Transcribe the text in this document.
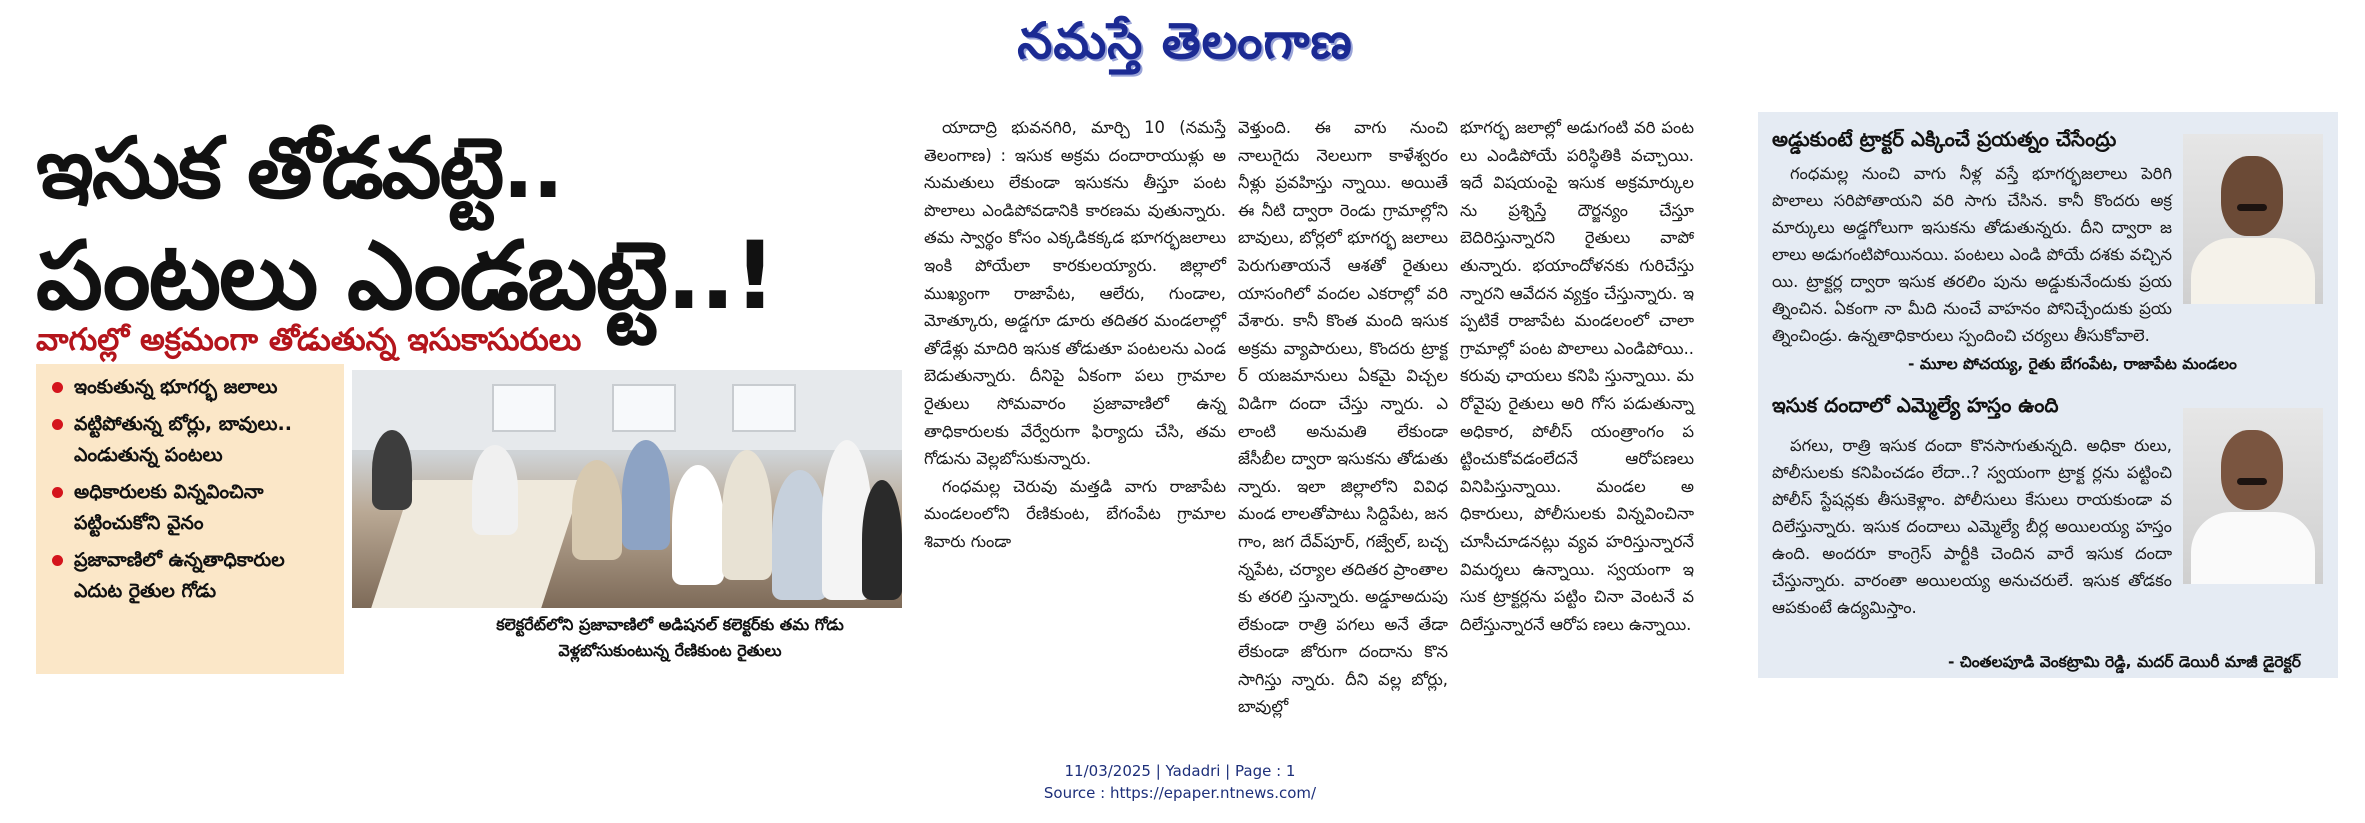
నమస్తే తెలంగాణ
ఇసుక తోడవట్టె..
పంటలు ఎండబట్టె..!
వాగుల్లో అక్రమంగా తోడుతున్న ఇసుకాసురులు
ఇంకుతున్న భూగర్భ జలాలు
వట్టిపోతున్న బోర్లు, బావులు.. ఎండుతున్న పంటలు
అధికారులకు విన్నవించినా పట్టించుకోని వైనం
ప్రజావాణిలో ఉన్నతాధికారుల ఎదుట రైతుల గోడు
కలెక్టరేట్‌లోని ప్రజావాణిలో అడిషనల్ కలెక్టర్‌కు తమ గోడు వెళ్లబోసుకుంటున్న రేణికుంట రైతులు

యాదాద్రి భువనగిరి, మార్చి 10 (నమస్తే తెలంగాణ) : ఇసుక అక్రమ దందారాయుళ్లు అనుమతులు లేకుండా ఇసుకను తీస్తూ పంట పొలాలు ఎండిపోవడానికి కారణమ వుతున్నారు. తమ స్వార్థం కోసం ఎక్కడికక్కడ భూగర్భజలాలు ఇంకి పోయేలా కారకులయ్యారు. జిల్లాలో ముఖ్యంగా రాజాపేట, ఆలేరు, గుండాల, మోత్కూరు, అడ్డగూ డూరు తదితర మండలాల్లో తోడేళ్లు మాదిరి ఇసుక తోడుతూ పంటలను ఎండబెడుతున్నారు. దీనిపై ఏకంగా పలు గ్రామాల రైతులు సోమవారం ప్రజావాణిలో ఉన్నతాధికారులకు వేర్వేరుగా ఫిర్యాదు చేసి, తమ గోడును వెల్లబోసుకున్నారు.

గంధమల్ల చెరువు మత్తడి వాగు రాజాపేట మండలంలోని రేణికుంట, బేగంపేట గ్రామాల శివారు గుండా

వెళ్తుంది. ఈ వాగు నుంచి నాలుగైదు నెలలుగా కాళేశ్వరం నీళ్లు ప్రవహిస్తు న్నాయి. అయితే ఈ నీటి ద్వారా రెండు గ్రామాల్లోని బావులు, బోర్లలో భూగర్భ జలాలు పెరుగుతాయనే ఆశతో రైతులు యాసంగిలో వందల ఎకరాల్లో వరి వేశారు. కానీ కొంత మంది ఇసుక అక్రమ వ్యాపారులు, కొందరు ట్రాక్టర్ యజమానులు ఏకమై విచ్చలవిడిగా దందా చేస్తు న్నారు. ఎలాంటి అనుమతి లేకుండా జేసీబీల ద్వారా ఇసుకను తోడుతు న్నారు. ఇలా జిల్లాలోని వివిధ మండ లాలతోపాటు సిద్దిపేట, జనగాం, జగ దేవ్‌పూర్, గజ్వేల్, బచ్చన్నపేట, చర్యాల తదితర ప్రాంతాలకు తరలి స్తున్నారు. అడ్డూఅదుపు లేకుండా రాత్రి పగలు అనే తేడా లేకుండా జోరుగా దందాను కొనసాగిస్తు న్నారు. దీని వల్ల బోర్లు, బావుల్లో

భూగర్భ జలాల్లో అడుగంటి వరి పంటలు ఎండిపోయే పరిస్థితికి వచ్చాయి. ఇదే విషయంపై ఇసుక అక్రమార్కులను ప్రశ్నిస్తే దౌర్జన్యం చేస్తూ బెదిరిస్తున్నారని రైతులు వాపో తున్నారు. భయాందోళనకు గురిచేస్తు న్నారని ఆవేదన వ్యక్తం చేస్తున్నారు. ఇప్పటికే రాజాపేట మండలంలో చాలా గ్రామాల్లో పంట పొలాలు ఎండిపోయి.. కరువు ఛాయలు కనిపి స్తున్నాయి. మరోవైపు రైతులు అరి గోస పడుతున్నా అధికార, పోలీస్ యంత్రాంగం పట్టించుకోవడంలేదనే ఆరోపణలు వినిపిస్తున్నాయి. మండల అధికారులు, పోలీసులకు విన్నవించినా చూసీచూడనట్లు వ్యవ హరిస్తున్నారనే విమర్శలు ఉన్నాయి. స్వయంగా ఇసుక ట్రాక్టర్లను పట్టిం చినా వెంటనే వదిలేస్తున్నారనే ఆరోప ణలు ఉన్నాయి.

అడ్డుకుంటే ట్రాక్టర్ ఎక్కించే ప్రయత్నం చేసేంద్రు

గంధమల్ల నుంచి వాగు నీళ్ల వస్తే భూగర్భజలాలు పెరిగి పొలాలు సరిపోతాయని వరి సాగు చేసిన. కానీ కొందరు అక్రమార్కులు అడ్డగోలుగా ఇసుకను తోడుతున్నరు. దీని ద్వారా జలాలు అడుగంటిపోయినయి. పంటలు ఎండి పోయే దశకు వచ్చినయి. ట్రాక్టర్ల ద్వారా ఇసుక తరలిం పును అడ్డుకునేందుకు ప్రయత్నించిన. ఏకంగా నా మీది నుంచే వాహనం పోనిచ్చేందుకు ప్రయత్నించిండ్రు. ఉన్నతాధికారులు స్పందించి చర్యలు తీసుకోవాలె.

- మూల పోచయ్య, రైతు బేగంపేట, రాజాపేట మండలం
ఇసుక దందాలో ఎమ్మెల్యే హస్తం ఉంది

పగలు, రాత్రి ఇసుక దందా కొనసాగుతున్నది. అధికా రులు, పోలీసులకు కనిపించడం లేదా..? స్వయంగా ట్రాక్ట ర్లను పట్టించి పోలీస్ స్టేషన్లకు తీసుకెళ్లాం. పోలీసులు కేసులు రాయకుండా వదిలేస్తున్నారు. ఇసుక దందాలు ఎమ్మెల్యే బీర్ల అయిలయ్య హస్తం ఉంది. అందరూ కాంగ్రెస్ పార్టీకి చెందిన వారే ఇసుక దందా చేస్తున్నారు. వారంతా అయిలయ్య అనుచరులే. ఇసుక తోడకం ఆపకుంటే ఉద్యమిస్తాం.

- చింతలపూడి వెంకట్రామి రెడ్డి, మదర్ డెయిరీ మాజీ డైరెక్టర్
11/03/2025 | Yadadri | Page : 1
Source : https://epaper.ntnews.com/
